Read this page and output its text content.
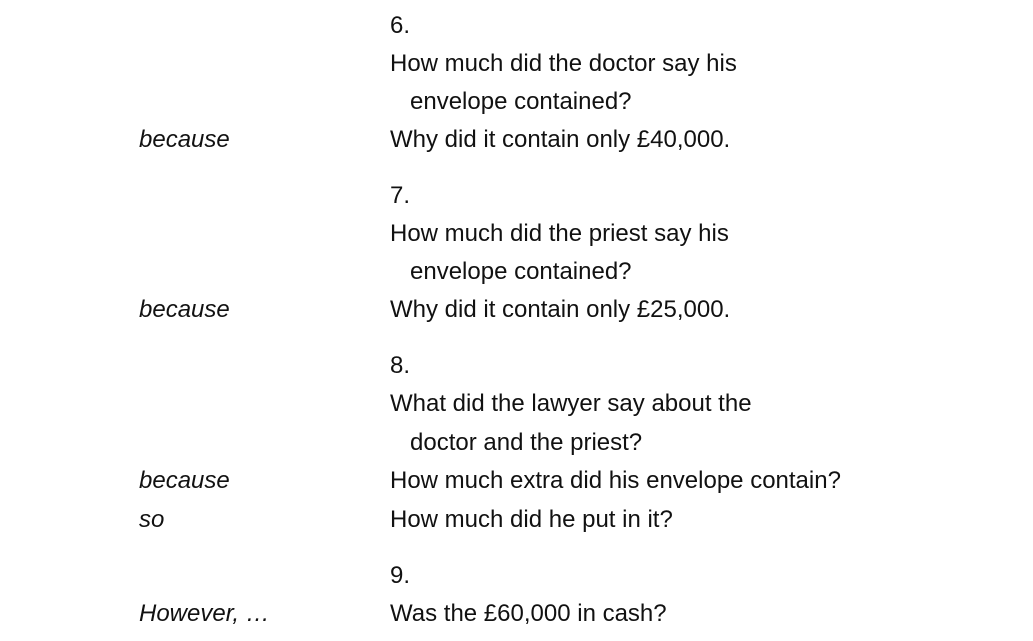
6.
How much did the doctor say his
envelope contained?
because	Why did it contain only £40,000.
7.
How much did the priest say his
envelope contained?
because	Why did it contain only £25,000.
8.
What did the lawyer say about the
doctor and the priest?
because	How much extra did his envelope contain?
so	How much did he put in it?
9.
However, …	Was the £60,000 in cash?
